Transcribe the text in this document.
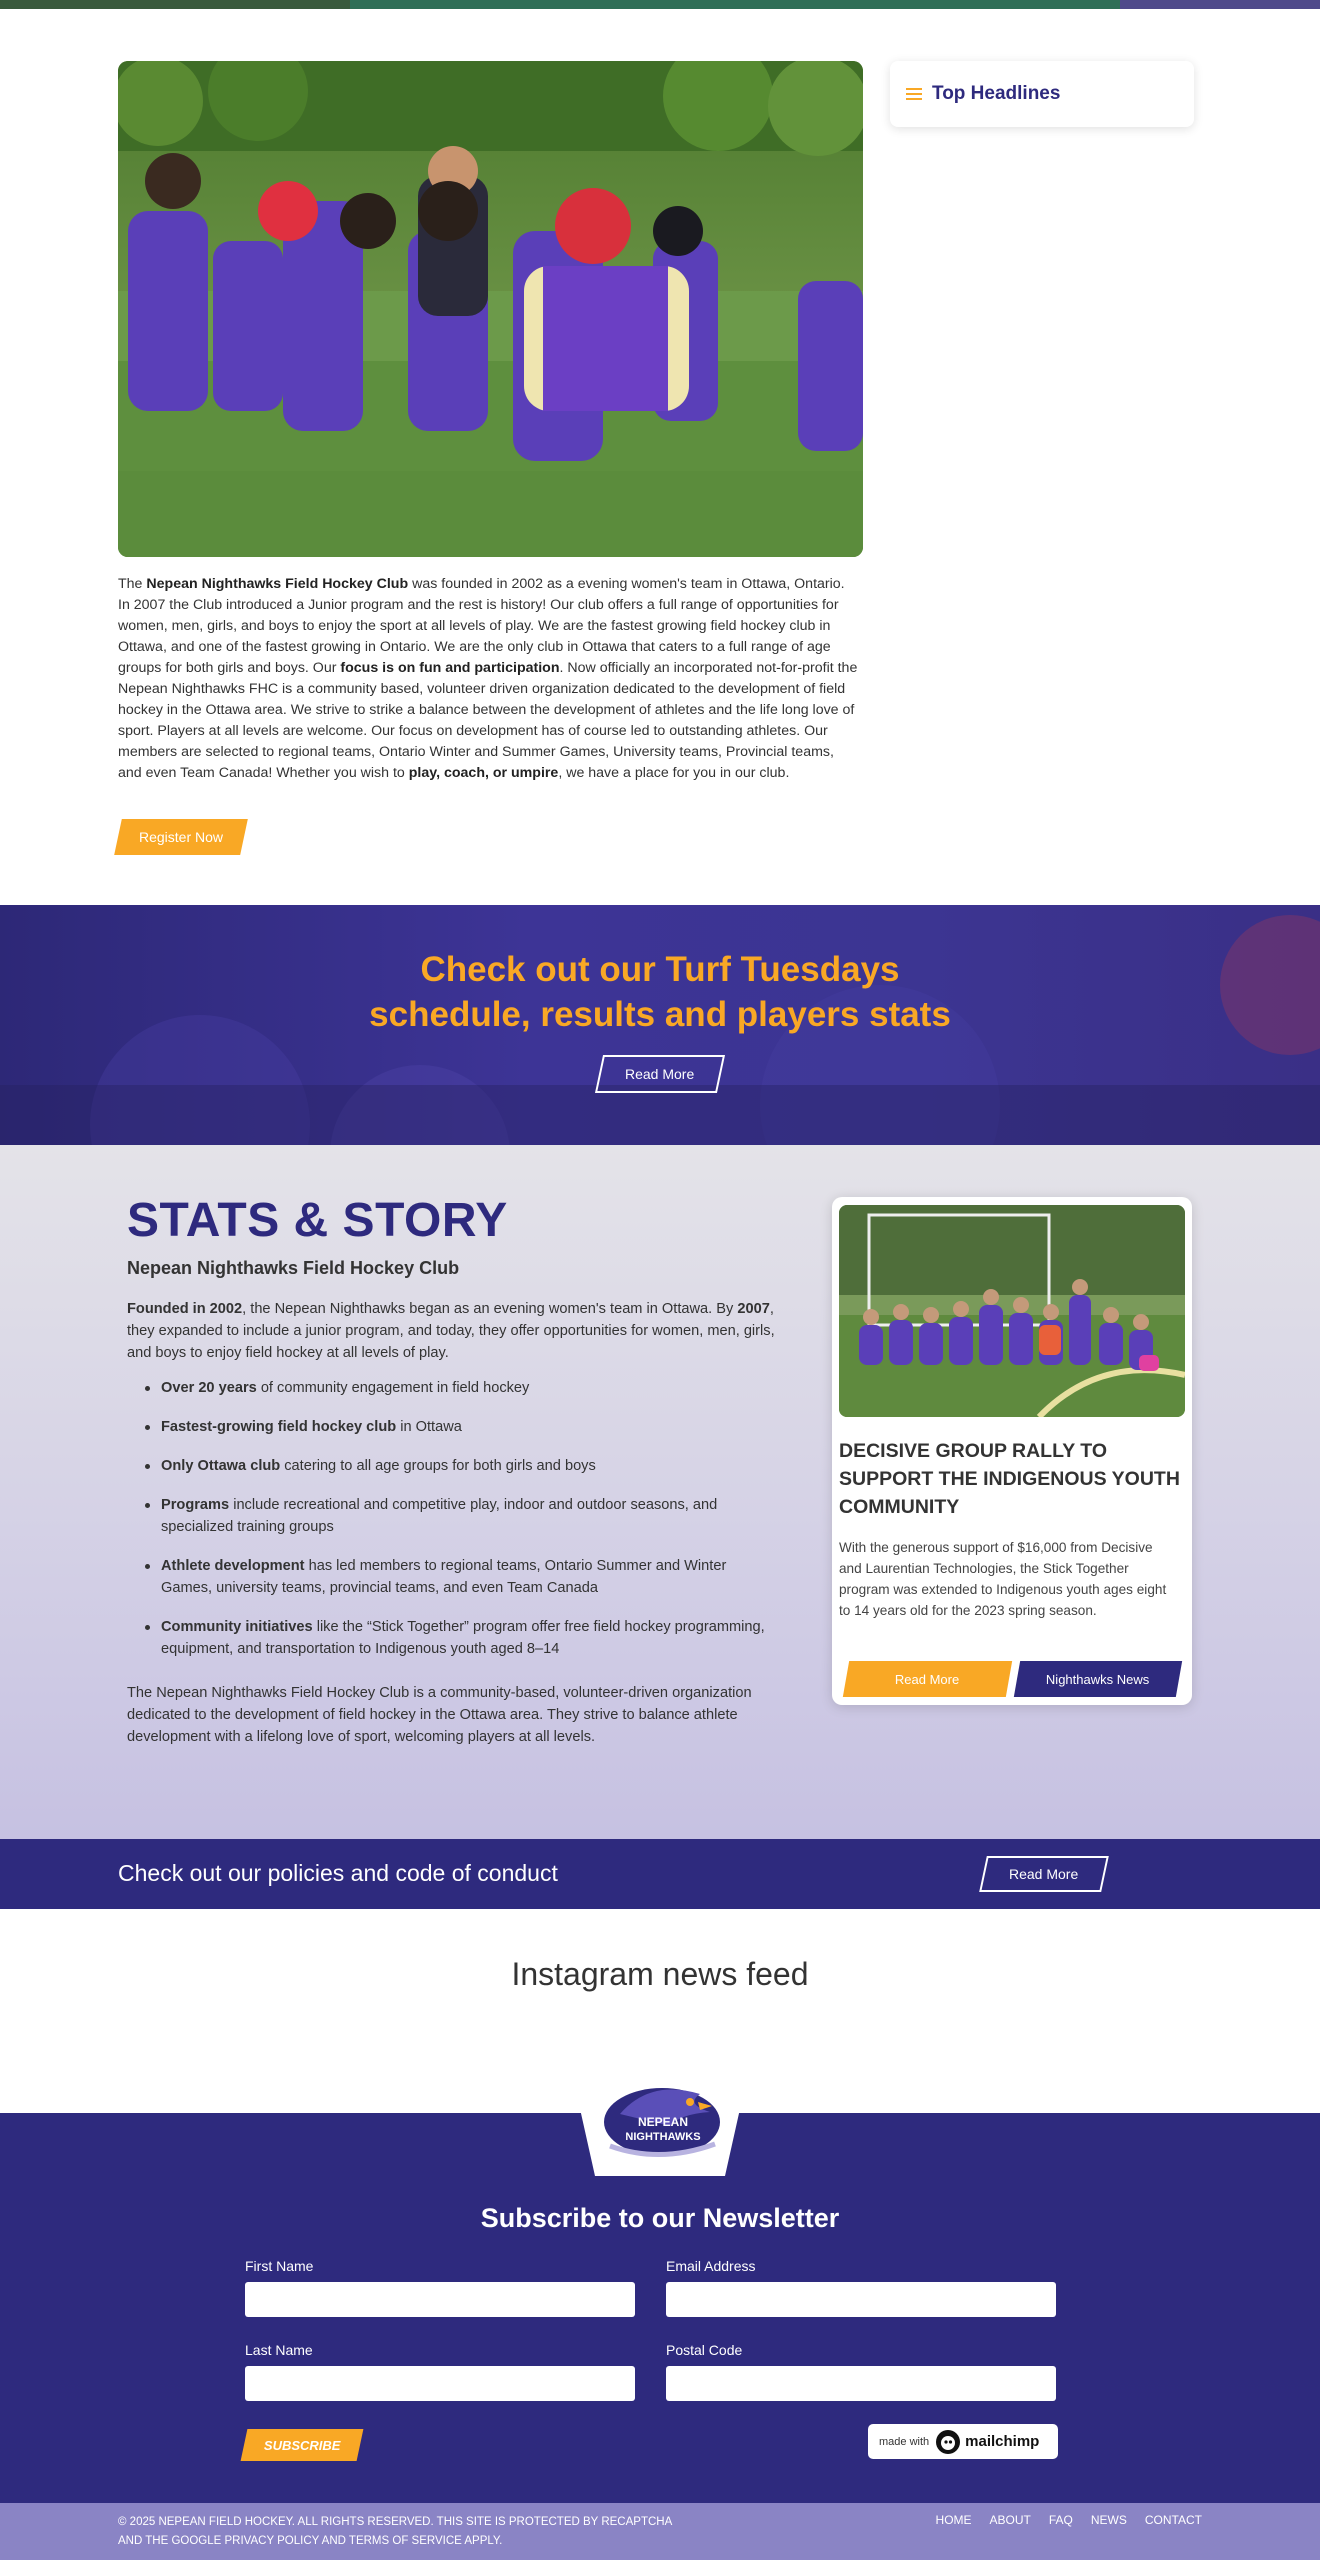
The Nepean Nighthawks Field Hockey Club was founded in 2002 as a evening women's team in Ottawa, Ontario. In 2007 the Club introduced a Junior program and the rest is history! Our club offers a full range of opportunities for women, men, girls, and boys to enjoy the sport at all levels of play. We are the fastest growing field hockey club in Ottawa, and one of the fastest growing in Ontario. We are the only club in Ottawa that caters to a full range of age groups for both girls and boys. Our focus is on fun and participation. Now officially an incorporated not-for-profit the Nepean Nighthawks FHC is a community based, volunteer driven organization dedicated to the development of field hockey in the Ottawa area. We strive to strike a balance between the development of athletes and the life long love of sport. Players at all levels are welcome. Our focus on development has of course led to outstanding athletes. Our members are selected to regional teams, Ontario Winter and Summer Games, University teams, Provincial teams, and even Team Canada! Whether you wish to play, coach, or umpire, we have a place for you in our club.
Register Now
Top Headlines
Check out our Turf Tuesdays
schedule, results and players stats
Read More
STATS & STORY
Nepean Nighthawks Field Hockey Club

Founded in 2002, the Nepean Nighthawks began as an evening women's team in Ottawa. By 2007, they expanded to include a junior program, and today, they offer opportunities for women, men, girls, and boys to enjoy field hockey at all levels of play.

Over 20 years of community engagement in field hockey
Fastest-growing field hockey club in Ottawa
Only Ottawa club catering to all age groups for both girls and boys
Programs include recreational and competitive play, indoor and outdoor seasons, and specialized training groups
Athlete development has led members to regional teams, Ontario Summer and Winter Games, university teams, provincial teams, and even Team Canada
Community initiatives like the “Stick Together” program offer free field hockey programming, equipment, and transportation to Indigenous youth aged 8–14

The Nepean Nighthawks Field Hockey Club is a community-based, volunteer-driven organization dedicated to the development of field hockey in the Ottawa area. They strive to balance athlete development with a lifelong love of sport, welcoming players at all levels.

DECISIVE GROUP RALLY TO SUPPORT THE INDIGENOUS YOUTH COMMUNITY

With the generous support of $16,000 from Decisive and Laurentian Technologies, the Stick Together program was extended to Indigenous youth ages eight to 14 years old for the 2023 spring season.

Read More	Nighthawks News
Check out our policies and code of conduct	Read More
Instagram news feed
NEPEAN
NIGHTHAWKS
Subscribe to our Newsletter
First Name	Email Address
Last Name	Postal Code
SUBSCRIBE	made with mailchimp
© 2025 NEPEAN FIELD HOCKEY. ALL RIGHTS RESERVED. THIS SITE IS PROTECTED BY RECAPTCHA AND THE GOOGLE PRIVACY POLICY AND TERMS OF SERVICE APPLY.
HOME ABOUT FAQ NEWS CONTACT
